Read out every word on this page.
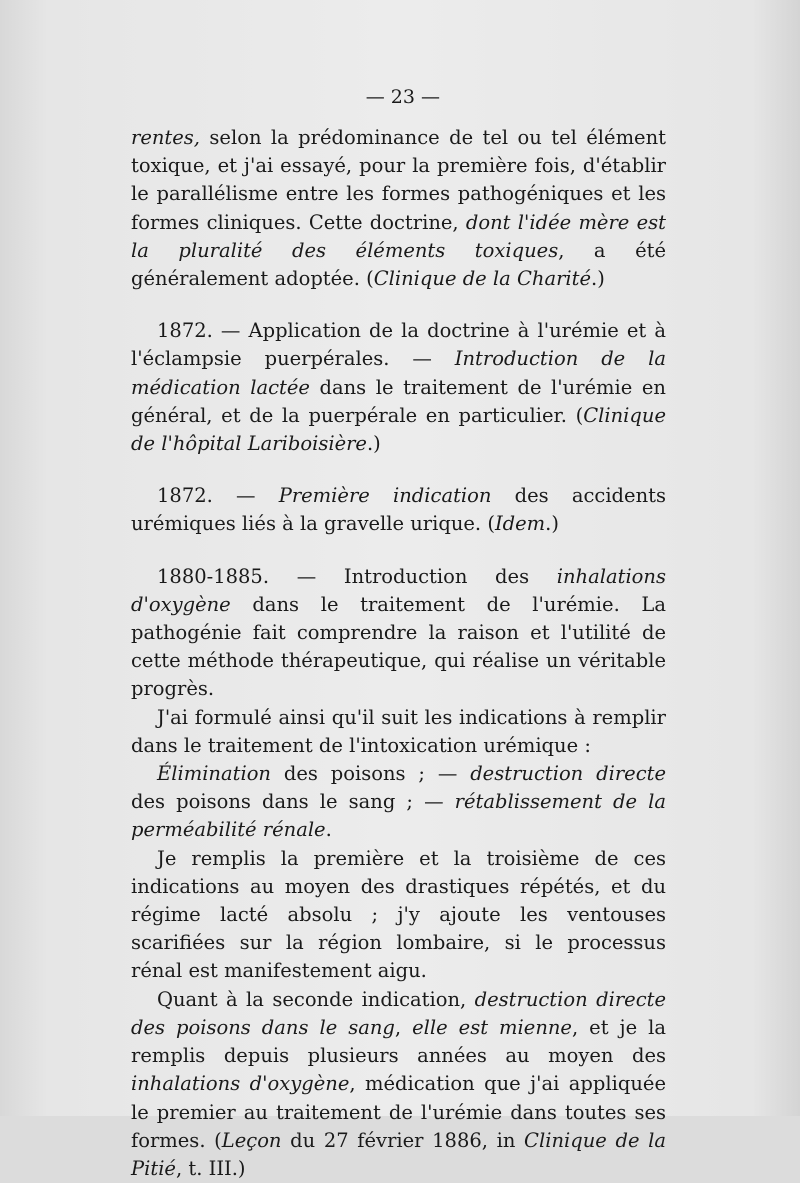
— 23 —

rentes, selon la prédominance de tel ou tel élément toxique, et j'ai essayé, pour la première fois, d'établir le parallélisme entre les formes pathogéniques et les formes cliniques. Cette doctrine, dont l'idée mère est la pluralité des éléments toxiques, a été généralement adoptée. (Clinique de la Charité.)

1872. — Application de la doctrine à l'urémie et à l'éclampsie puerpérales. — Introduction de la médication lactée dans le traitement de l'urémie en général, et de la puerpérale en particulier. (Clinique de l'hôpital Lariboisière.)

1872. — Première indication des accidents urémiques liés à la gravelle urique. (Idem.)

1880-1885. — Introduction des inhalations d'oxygène dans le traitement de l'urémie. La pathogénie fait comprendre la raison et l'utilité de cette méthode thérapeutique, qui réalise un véritable progrès.

J'ai formulé ainsi qu'il suit les indications à remplir dans le traitement de l'intoxication urémique :

Élimination des poisons ; — destruction directe des poisons dans le sang ; — rétablissement de la perméabilité rénale.

Je remplis la première et la troisième de ces indications au moyen des drastiques répétés, et du régime lacté absolu ; j'y ajoute les ventouses scarifiées sur la région lombaire, si le processus rénal est manifestement aigu.

Quant à la seconde indication, destruction directe des poisons dans le sang, elle est mienne, et je la remplis depuis plusieurs années au moyen des inhalations d'oxygène, médication que j'ai appliquée le premier au traitement de l'urémie dans toutes ses formes. (Leçon du 27 février 1886, in Clinique de la Pitié, t. III.)
